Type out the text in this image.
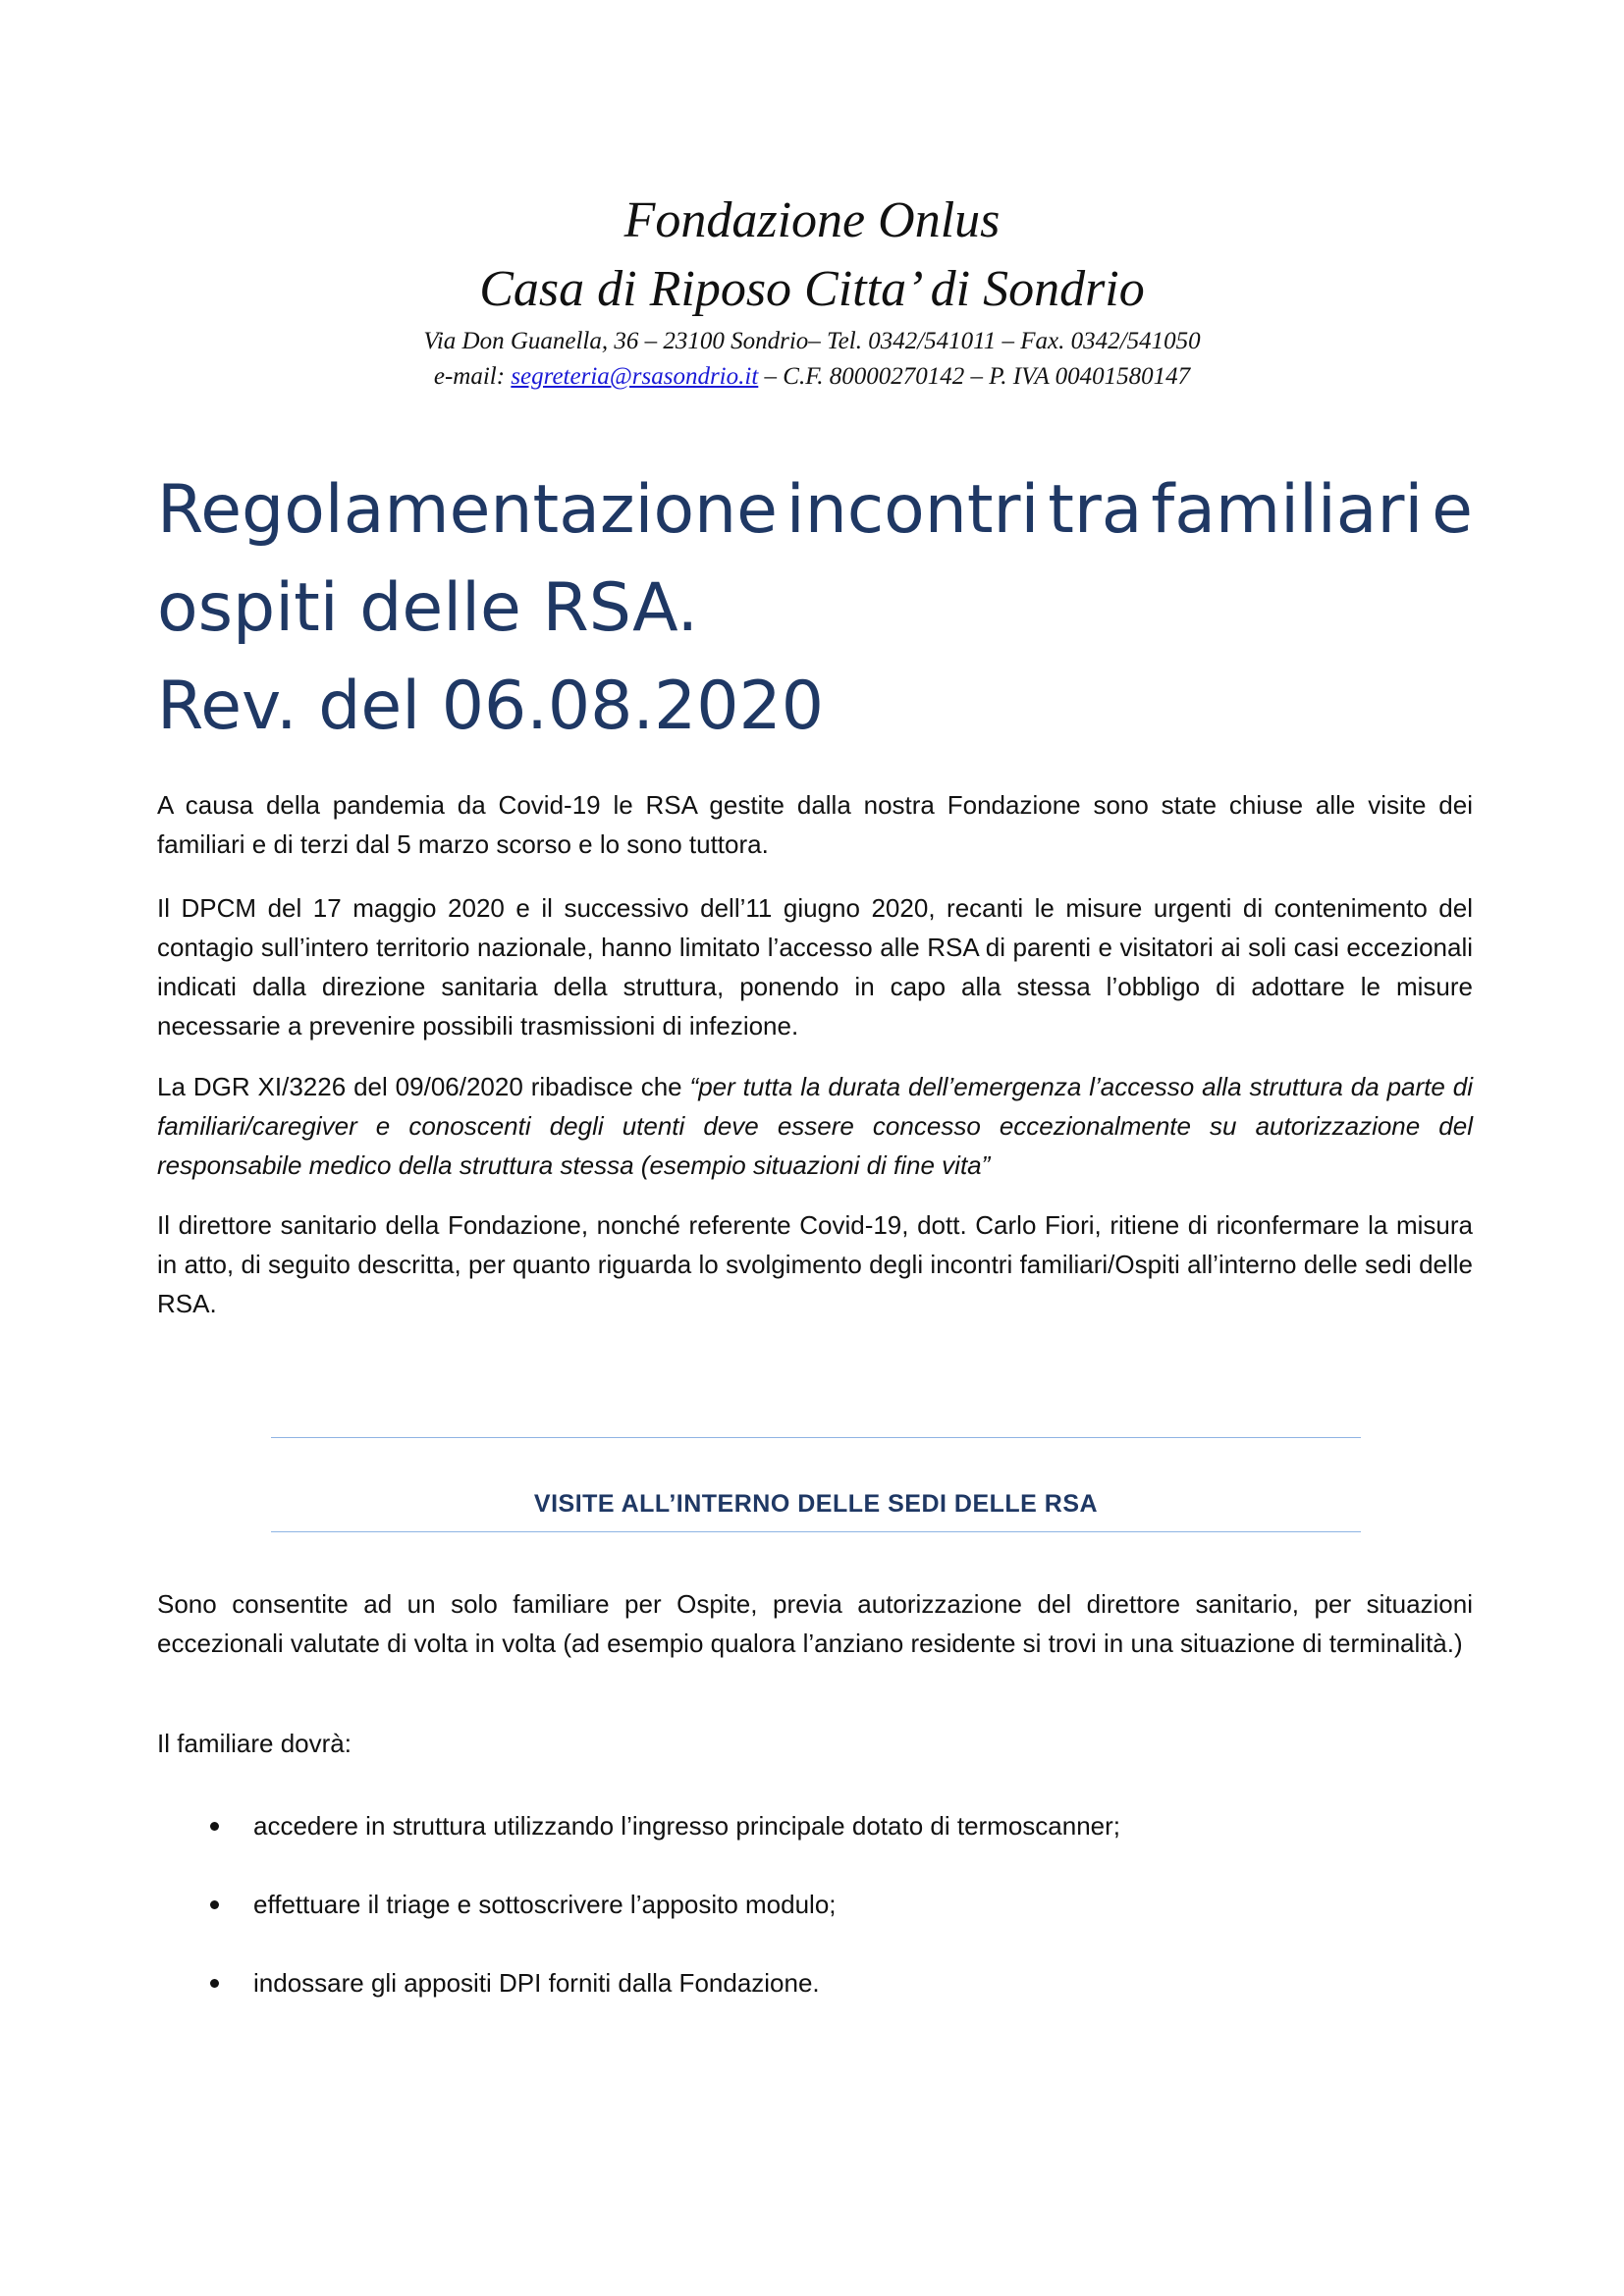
Fondazione Onlus
Casa di Riposo Citta’ di Sondrio
Via Don Guanella, 36 – 23100 Sondrio– Tel. 0342/541011 – Fax. 0342/541050
e-mail: segreteria@rsasondrio.it – C.F. 80000270142 – P. IVA 00401580147
Regolamentazione incontri tra familiari e
ospiti delle RSA.
Rev. del 06.08.2020

A causa della pandemia da Covid-19 le RSA gestite dalla nostra Fondazione sono state chiuse alle visite dei familiari e di terzi dal 5 marzo scorso e lo sono tuttora.

Il DPCM del 17 maggio 2020 e il successivo dell’11 giugno 2020, recanti le misure urgenti di contenimento del contagio sull’intero territorio nazionale, hanno limitato l’accesso alle RSA di parenti e visitatori ai soli casi eccezionali indicati dalla direzione sanitaria della struttura, ponendo in capo alla stessa l’obbligo di adottare le misure necessarie a prevenire possibili trasmissioni di infezione.

La DGR XI/3226 del 09/06/2020 ribadisce che “per tutta la durata dell’emergenza l’accesso alla struttura da parte di familiari/caregiver e conoscenti degli utenti deve essere concesso eccezionalmente su autorizzazione del responsabile medico della struttura stessa (esempio situazioni di fine vita”

Il direttore sanitario della Fondazione, nonché referente Covid-19, dott. Carlo Fiori, ritiene di riconfermare la misura in atto, di seguito descritta, per quanto riguarda lo svolgimento degli incontri familiari/Ospiti all’interno delle sedi delle RSA.

VISITE ALL’INTERNO DELLE SEDI DELLE RSA

Sono consentite ad un solo familiare per Ospite, previa autorizzazione del direttore sanitario, per situazioni eccezionali valutate di volta in volta (ad esempio qualora l’anziano residente si trovi in una situazione di terminalità.)

Il familiare dovrà:

accedere in struttura utilizzando l’ingresso principale dotato di termoscanner;
effettuare il triage e sottoscrivere l’apposito modulo;
indossare gli appositi DPI forniti dalla Fondazione.
